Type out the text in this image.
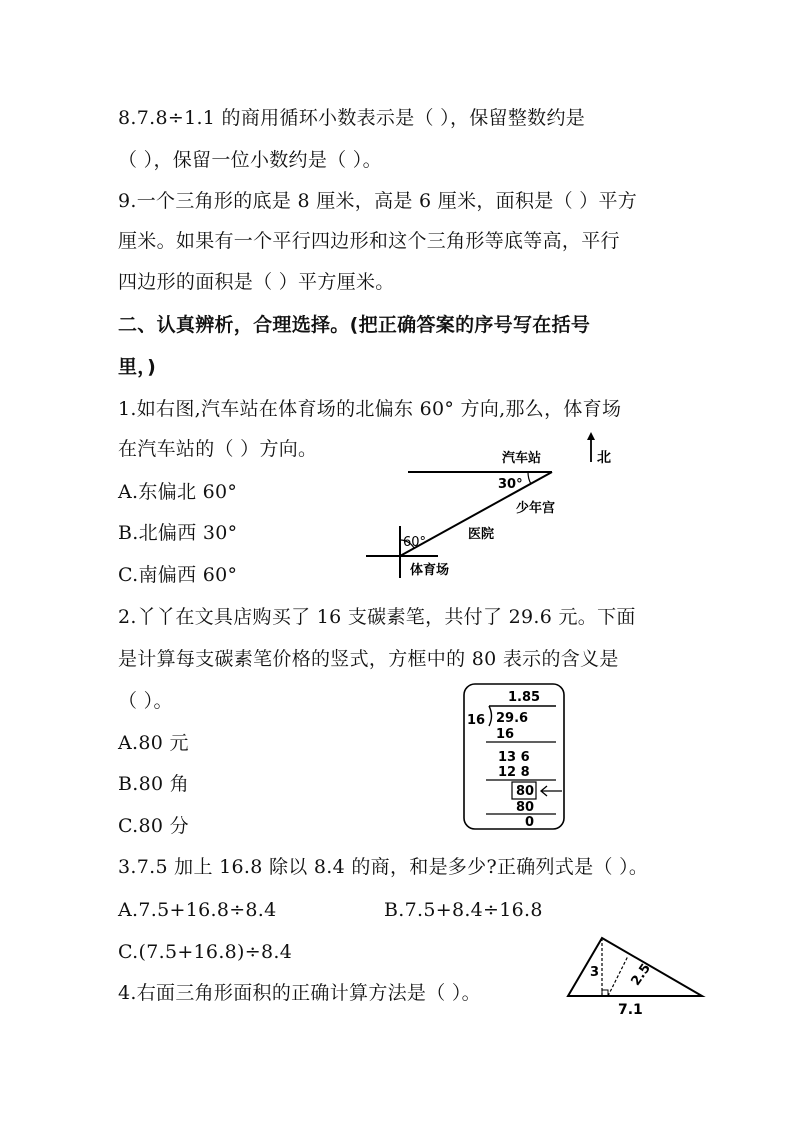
8.7.8÷1.1 的商用循环小数表示是（ ），保留整数约是
（ ），保留一位小数约是（ ）。
9.一个三角形的底是 8 厘米，高是 6 厘米，面积是（ ）平方
厘米。如果有一个平行四边形和这个三角形等底等高，平行
四边形的面积是（ ）平方厘米。
二、认真辨析，合理选择。(把正确答案的序号写在括号
里，)
1.如右图,汽车站在体育场的北偏东 60° 方向,那么，体育场
在汽车站的（ ）方向。
A.东偏北 60°
B.北偏西 30°
C.南偏西 60°
汽车站	北
30°
少年宫
医院
60°
体育场
2.丫丫在文具店购买了 16 支碳素笔，共付了 29.6 元。下面
是计算每支碳素笔价格的竖式，方框中的 80 表示的含义是
（ ）。
A.80 元
B.80 角
C.80 分
1.85
16 29.6
16
13 6
12 8
80
80
0
3.7.5 加上 16.8 除以 8.4 的商，和是多少?正确列式是（ ）。
A.7.5+16.8÷8.4	B.7.5+8.4÷16.8
C.(7.5+16.8)÷8.4
4.右面三角形面积的正确计算方法是（ ）。
3 2.5
7.1
